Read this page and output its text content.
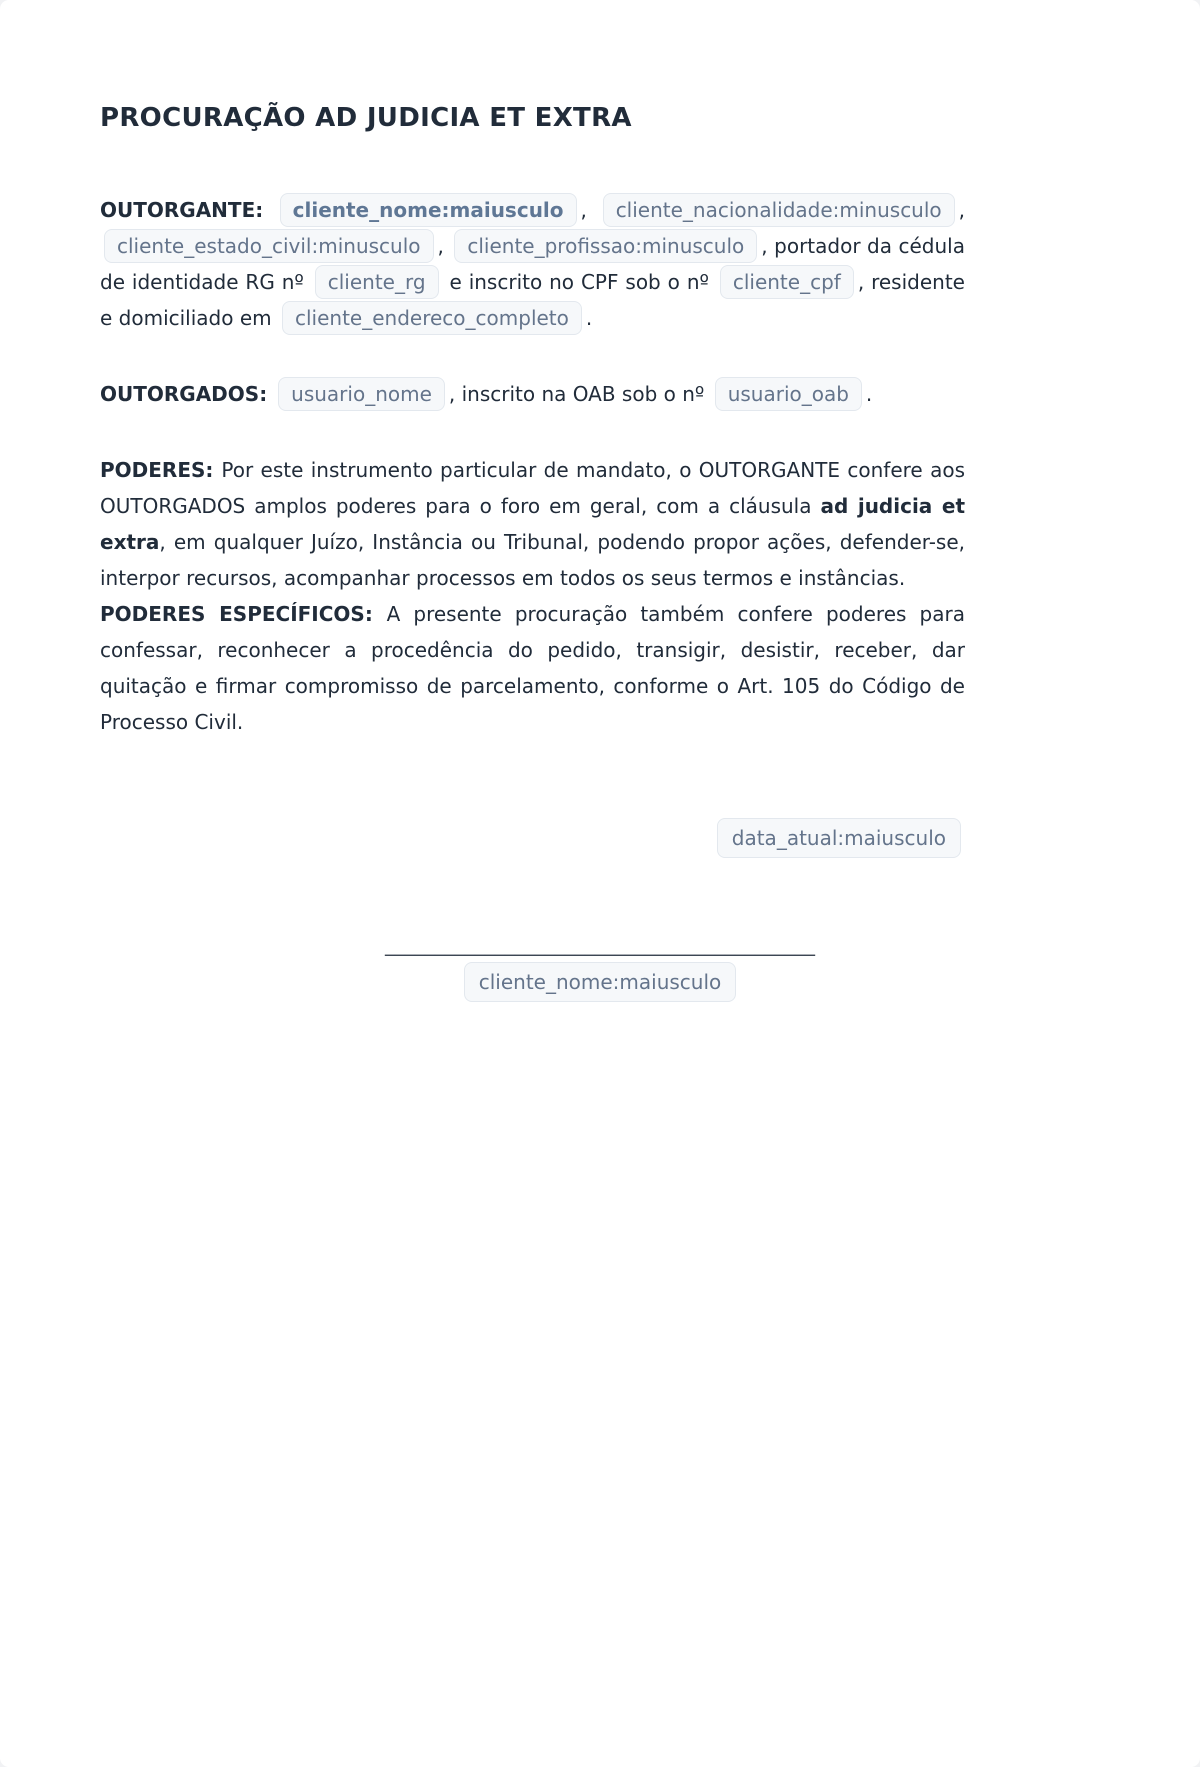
PROCURAÇÃO AD JUDICIA ET EXTRA

OUTORGANTE: cliente_nome:maiusculo , cliente_nacionalidade:minusculo , cliente_estado_civil:minusculo , cliente_profissao:minusculo , portador da cédula de identidade RG nº cliente_rg e inscrito no CPF sob o nº cliente_cpf , residente e domiciliado em cliente_endereco_completo .

OUTORGADOS: usuario_nome , inscrito na OAB sob o nº usuario_oab .

PODERES: Por este instrumento particular de mandato, o OUTORGANTE confere aos OUTORGADOS amplos poderes para o foro em geral, com a cláusula ad judicia et extra, em qualquer Juízo, Instância ou Tribunal, podendo propor ações, defender-se, interpor recursos, acompanhar processos em todos os seus termos e instâncias.

PODERES ESPECÍFICOS: A presente procuração também confere poderes para confessar, reconhecer a procedência do pedido, transigir, desistir, receber, dar quitação e firmar compromisso de parcelamento, conforme o Art. 105 do Código de Processo Civil.

data_atual:maiusculo

___________________________________________
cliente_nome:maiusculo
